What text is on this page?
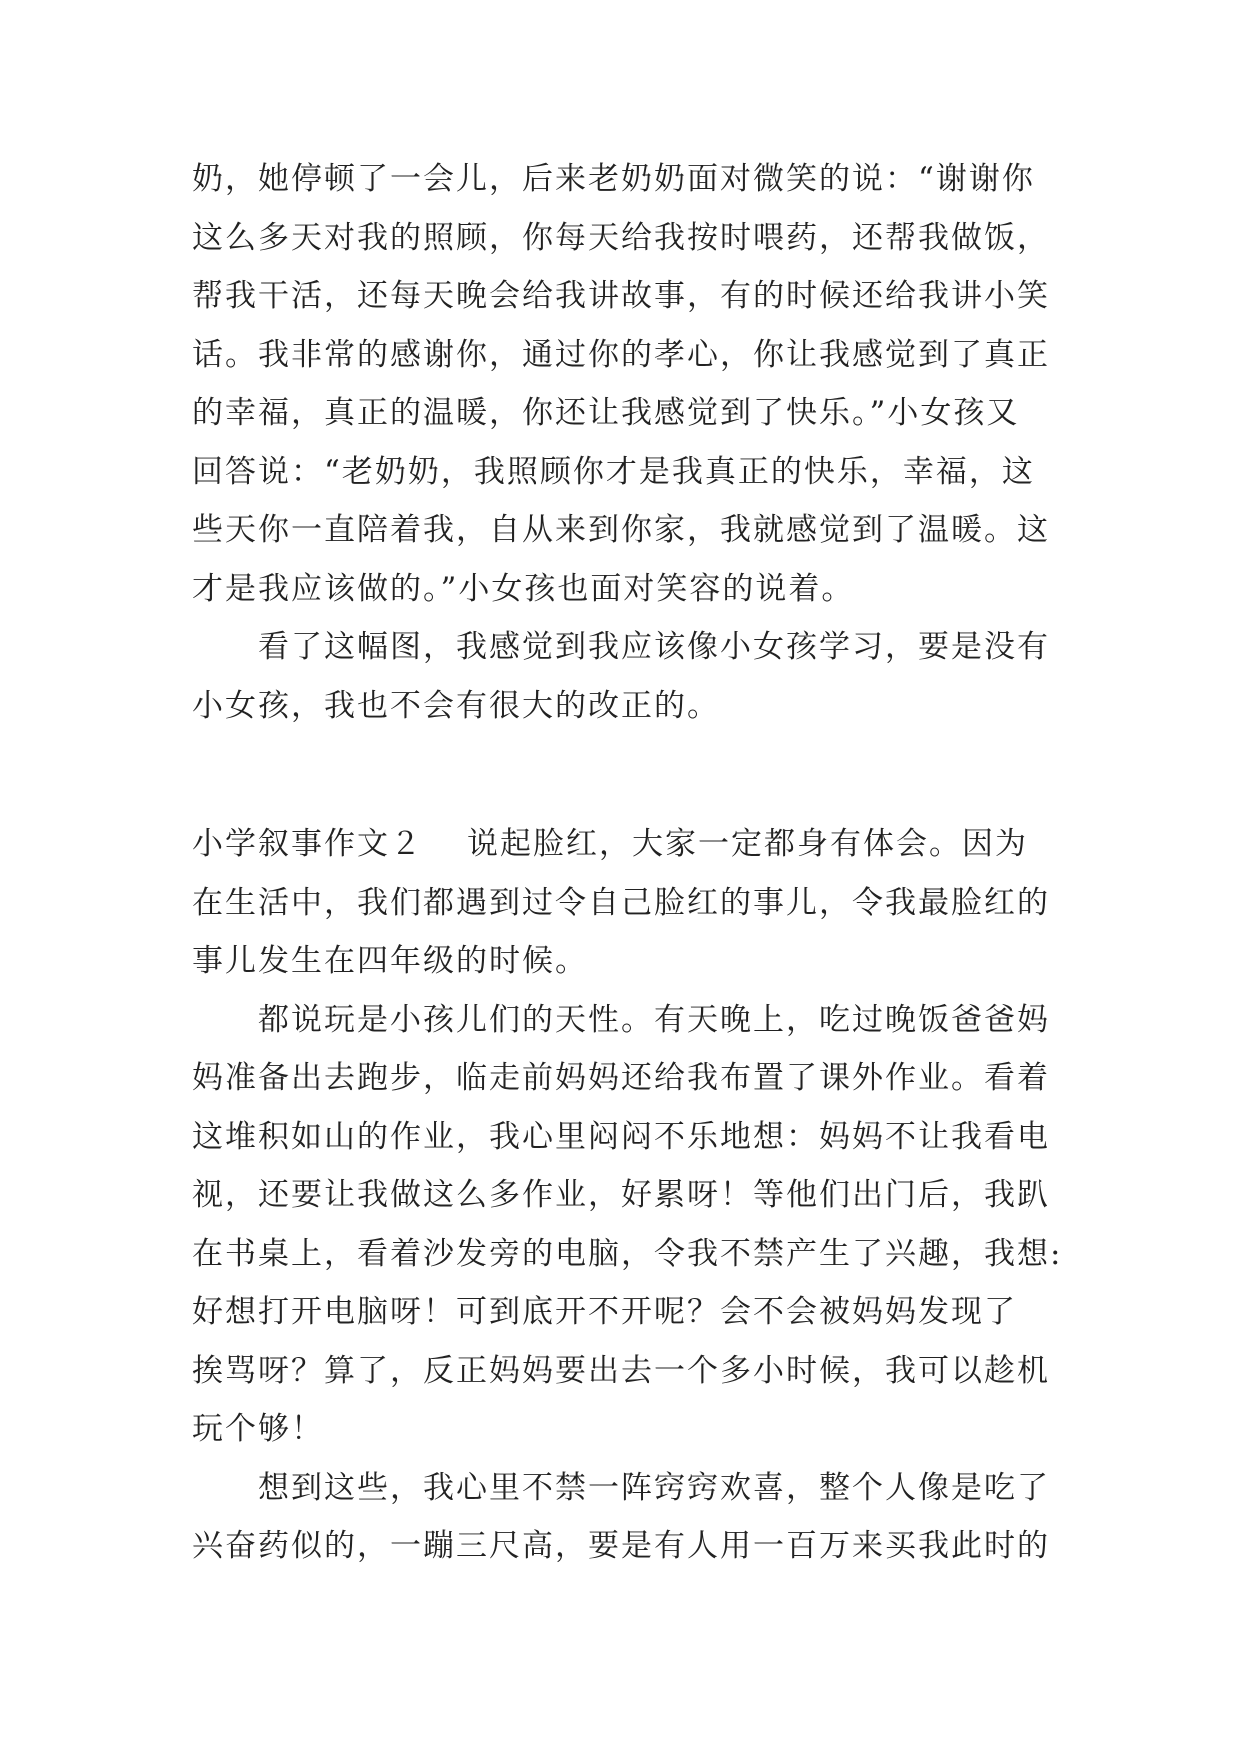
奶，她停顿了一会儿，后来老奶奶面对微笑的说：“谢谢你
这么多天对我的照顾，你每天给我按时喂药，还帮我做饭，
帮我干活，还每天晚会给我讲故事，有的时候还给我讲小笑
话。我非常的感谢你，通过你的孝心，你让我感觉到了真正
的幸福，真正的温暖，你还让我感觉到了快乐。”小女孩又
回答说：“老奶奶，我照顾你才是我真正的快乐，幸福，这
些天你一直陪着我，自从来到你家，我就感觉到了温暖。这
才是我应该做的。”小女孩也面对笑容的说着。
　　看了这幅图，我感觉到我应该像小女孩学习，要是没有
小女孩，我也不会有很大的改正的。
小学叙事作文２ 说起脸红，大家一定都身有体会。因为
在生活中，我们都遇到过令自己脸红的事儿，令我最脸红的
事儿发生在四年级的时候。
　　都说玩是小孩儿们的天性。有天晚上，吃过晚饭爸爸妈
妈准备出去跑步，临走前妈妈还给我布置了课外作业。看着
这堆积如山的作业，我心里闷闷不乐地想：妈妈不让我看电
视，还要让我做这么多作业，好累呀！等他们出门后，我趴
在书桌上，看着沙发旁的电脑，令我不禁产生了兴趣，我想:
好想打开电脑呀！可到底开不开呢？会不会被妈妈发现了
挨骂呀？算了，反正妈妈要出去一个多小时候，我可以趁机
玩个够！
　　想到这些，我心里不禁一阵窍窍欢喜，整个人像是吃了
兴奋药似的，一蹦三尺高，要是有人用一百万来买我此时的
